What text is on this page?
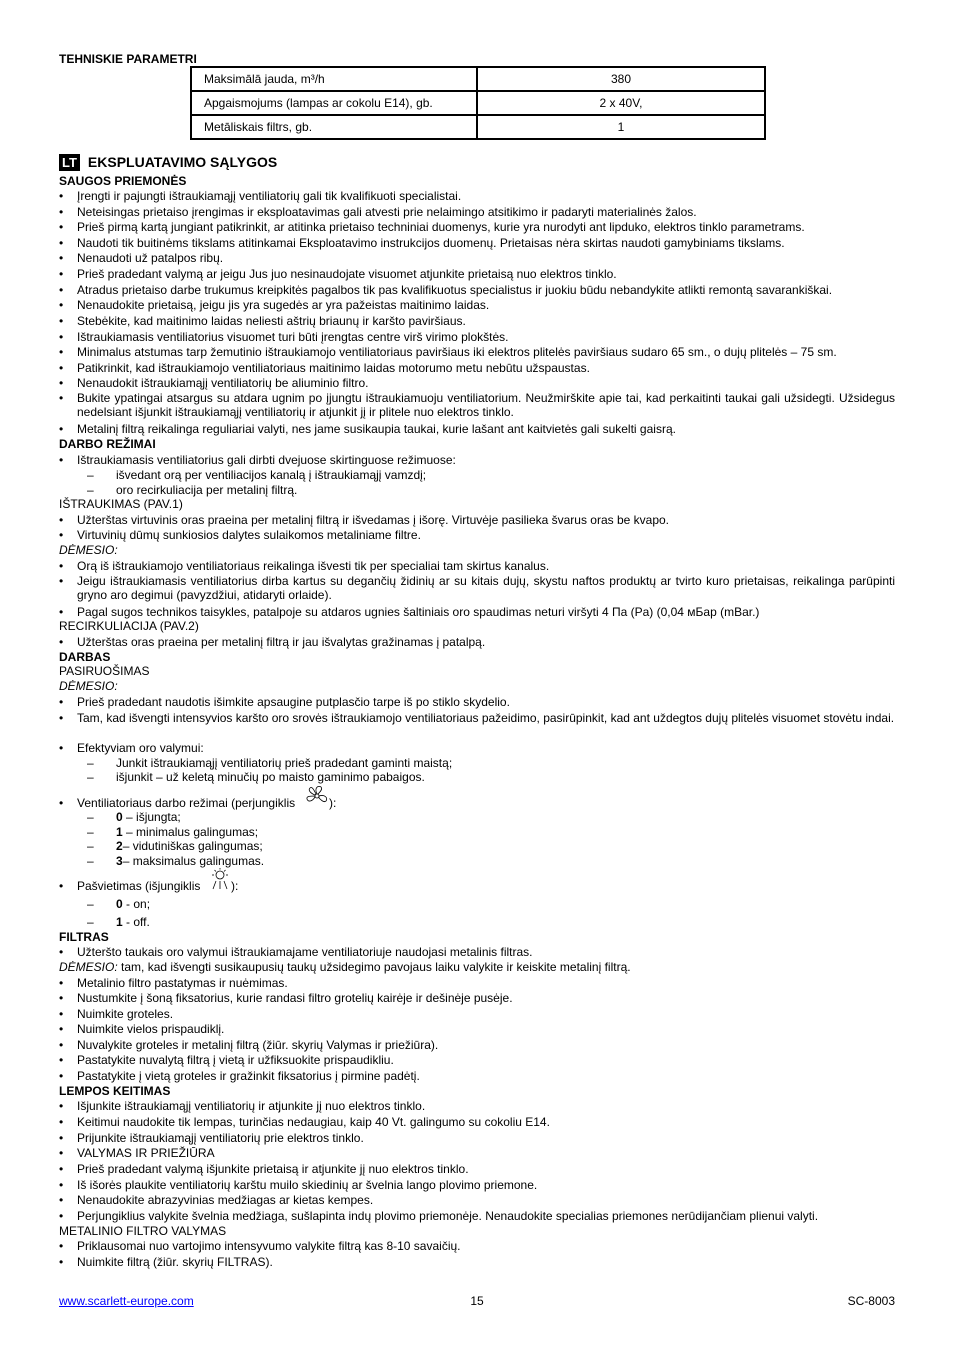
TEHNISKIE PARAMETRI
Maksimālā jauda, m³/h	380
Apgaismojums (lampas ar cokolu E14), gb.	2 x 40V,
Metāliskais filtrs, gb.	1
LT EKSPLUATAVIMO SĄLYGOS
SAUGOS PRIEMONĖS
• Įrengti ir pajungti ištraukiamąjį ventiliatorių gali tik kvalifikuoti specialistai.
• Neteisingas prietaiso įrengimas ir eksploatavimas gali atvesti prie nelaimingo atsitikimo ir padaryti materialinės žalos.
• Prieš pirmą kartą jungiant patikrinkit, ar atitinka prietaiso techniniai duomenys, kurie yra nurodyti ant lipduko, elektros tinklo parametrams.
• Naudoti tik buitinėms tikslams atitinkamai Eksploatavimo instrukcijos duomenų. Prietaisas nėra skirtas naudoti gamybiniams tikslams.
• Nenaudoti už patalpos ribų.
• Prieš pradedant valymą ar jeigu Jus juo nesinaudojate visuomet atjunkite prietaisą nuo elektros tinklo.
• Atradus prietaiso darbe trukumus kreipkitės pagalbos tik pas kvalifikuotus specialistus ir juokiu būdu nebandykite atlikti remontą savarankiškai.
• Nenaudokite prietaisą, jeigu jis yra sugedės ar yra pažeistas maitinimo laidas.
• Stebėkite, kad maitinimo laidas neliesti aštrių briaunų ir karšto paviršiaus.
• Ištraukiamasis ventiliatorius visuomet turi būti įrengtas centre virš virimo plokštės.
• Minimalus atstumas tarp žemutinio ištraukiamojo ventiliatoriaus paviršiaus iki elektros plitelės paviršiaus sudaro 65 sm., o dujų plitelės – 75 sm.
• Patikrinkit, kad ištraukiamojo ventiliatoriaus maitinimo laidas motorumo metu nebūtu užspaustas.
• Nenaudokit ištraukiamąjį ventiliatorių be aliuminio filtro.
• Bukite ypatingai atsargus su atdara ugnim po įjungtu ištraukiamuoju ventiliatorium. Neužmirškite apie tai, kad perkaitinti taukai gali užsidegti. Užsidegus nedelsiant išjunkit ištraukiamąjį ventiliatorių ir atjunkit jį ir plitele nuo elektros tinklo.
• Metalinį filtrą reikalinga reguliariai valyti, nes jame susikaupia taukai, kurie lašant ant kaitvietės gali sukelti gaisrą.
DARBO REŽIMAI
• Ištraukiamasis ventiliatorius gali dirbti dvejuose skirtinguose režimuose:
– išvedant orą per ventiliacijos kanalą į ištraukiamąjį vamzdį;
– oro recirkuliacija per metalinį filtrą.
IŠTRAUKIMAS (PAV.1)
• Užterštas virtuvinis oras praeina per metalinį filtrą ir išvedamas į išorę. Virtuvėje pasilieka švarus oras be kvapo.
• Virtuvinių dūmų sunkiosios dalytes sulaikomos metaliniame filtre.
DĖMESIO:
• Orą iš ištraukiamojo ventiliatoriaus reikalinga išvesti tik per specialiai tam skirtus kanalus.
• Jeigu ištraukiamasis ventiliatorius dirba kartus su degančių židinių ar su kitais dujų, skystu naftos produktų ar tvirto kuro prietaisas, reikalinga parūpinti gryno aro degimui (pavyzdžiui, atidaryti orlaide).
• Pagal sugos technikos taisykles, patalpoje su atdaros ugnies šaltiniais oro spaudimas neturi viršyti 4 Па (Pa) (0,04 мБар (mBar.)
RECIRKULIACIJA (PAV.2)
• Užterštas oras praeina per metalinį filtrą ir jau išvalytas gražinamas į patalpą.
DARBAS
PASIRUOŠIMAS
DĖMESIO:
• Prieš pradedant naudotis išimkite apsaugine putplasčio tarpe iš po stiklo skydelio.
• Tam, kad išvengti intensyvios karšto oro srovės ištraukiamojo ventiliatoriaus pažeidimo, pasirūpinkit, kad ant uždegtos dujų plitelės visuomet stovėtu indai.
• Efektyviam oro valymui:
– Junkit ištraukiamąjį ventiliatorių prieš pradedant gaminti maistą;
– išjunkit – už keletą minučių po maisto gaminimo pabaigos.
• Ventiliatoriaus darbo režimai (perjungiklis	):
– 0 – išjungta;
– 1 – minimalus galingumas;
– 2– vidutiniškas galingumas;
– 3– maksimalus galingumas.
• Pašvietimas (išjungiklis	):
– 0 - on;
– 1 - off.
FILTRAS
• Užteršto taukais oro valymui ištraukiamajame ventiliatoriuje naudojasi metalinis filtras.
DĖMESIO: tam, kad išvengti susikaupusių taukų užsidegimo pavojaus laiku valykite ir keiskite metalinį filtrą.
• Metalinio filtro pastatymas ir nuėmimas.
• Nustumkite į šoną fiksatorius, kurie randasi filtro grotelių kairėje ir dešinėje pusėje.
• Nuimkite groteles.
• Nuimkite vielos prispaudiklį.
• Nuvalykite groteles ir metalinį filtrą (žiūr. skyrių Valymas ir priežiūra).
• Pastatykite nuvalytą filtrą į vietą ir užfiksuokite prispaudikliu.
• Pastatykite į vietą groteles ir gražinkit fiksatorius į pirmine padėtį.
LEMPOS KEITIMAS
• Išjunkite ištraukiamąjį ventiliatorių ir atjunkite jį nuo elektros tinklo.
• Keitimui naudokite tik lempas, turinčias nedaugiau, kaip 40 Vt. galingumo su cokoliu E14.
• Prijunkite ištraukiamąjį ventiliatorių prie elektros tinklo.
• VALYMAS IR PRIEŽIŪRA
• Prieš pradedant valymą išjunkite prietaisą ir atjunkite jį nuo elektros tinklo.
• Iš išorės plaukite ventiliatorių karštu muilo skiedinių ar švelnia lango plovimo priemone.
• Nenaudokite abrazyvinias medžiagas ar kietas kempes.
• Perjungiklius valykite švelnia medžiaga, sušlapinta indų plovimo priemonėje. Nenaudokite specialias priemones nerūdijančiam plienui valyti.
METALINIO FILTRO VALYMAS
• Priklausomai nuo vartojimo intensyvumo valykite filtrą kas 8-10 savaičių.
• Nuimkite filtrą (žiūr. skyrių FILTRAS).
15
www.scarlett-europe.com	SC-8003
